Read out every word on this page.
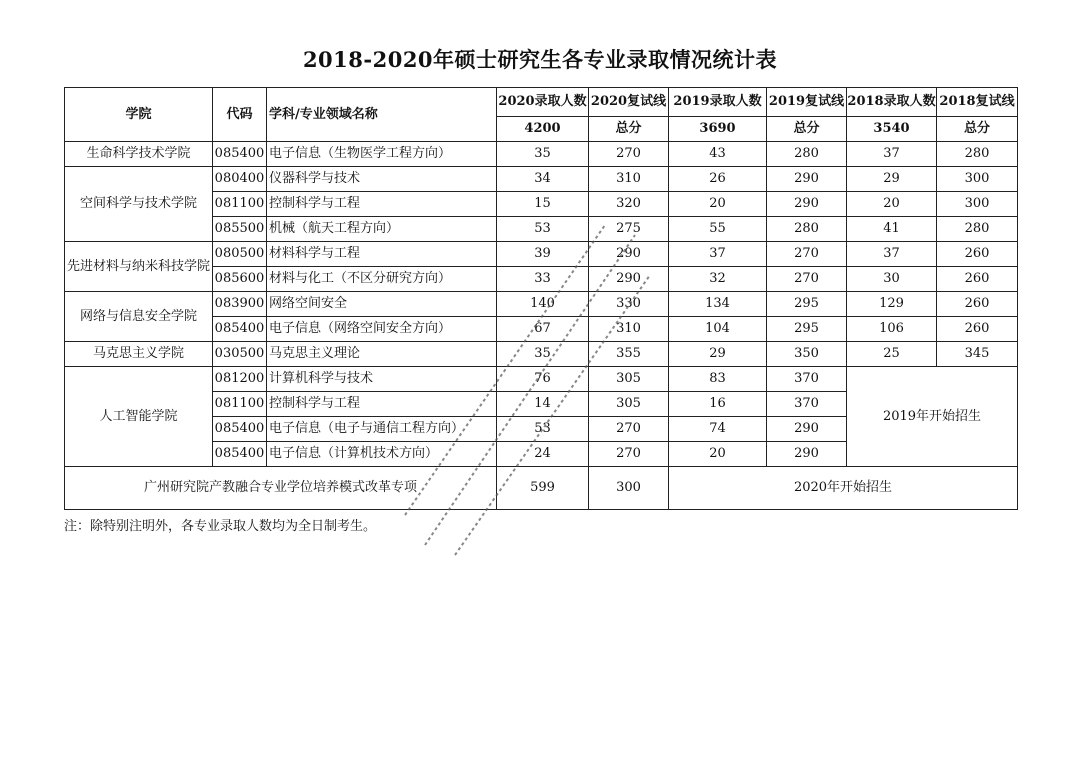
2018-2020年硕士研究生各专业录取情况统计表
学院	代码	学科/专业领域名称	2020录取人数	2020复试线	2019录取人数	2019复试线	2018录取人数	2018复试线
			4200	总分	3690	总分	3540	总分
生命科学技术学院	085400	电子信息（生物医学工程方向）	35	270	43	280	37	280
空间科学与技术学院	080400	仪器科学与技术	34	310	26	290	29	300
	081100	控制科学与工程	15	320	20	290	20	300
	085500	机械（航天工程方向）	53	275	55	280	41	280
先进材料与纳米科技学院	080500	材料科学与工程	39	290	37	270	37	260
	085600	材料与化工（不区分研究方向）	33	290	32	270	30	260
网络与信息安全学院	083900	网络空间安全	140	330	134	295	129	260
	085400	电子信息（网络空间安全方向）	67	310	104	295	106	260
马克思主义学院	030500	马克思主义理论	35	355	29	350	25	345
人工智能学院	081200	计算机科学与技术	76	305	83	370	2019年开始招生	
	081100	控制科学与工程	14	305	16	370		
	085400	电子信息（电子与通信工程方向）	53	270	74	290		
	085400	电子信息（计算机技术方向）	24	270	20	290		
广州研究院产教融合专业学位培养模式改革专项			599	300	2020年开始招生			
注：除特别注明外，各专业录取人数均为全日制考生。
